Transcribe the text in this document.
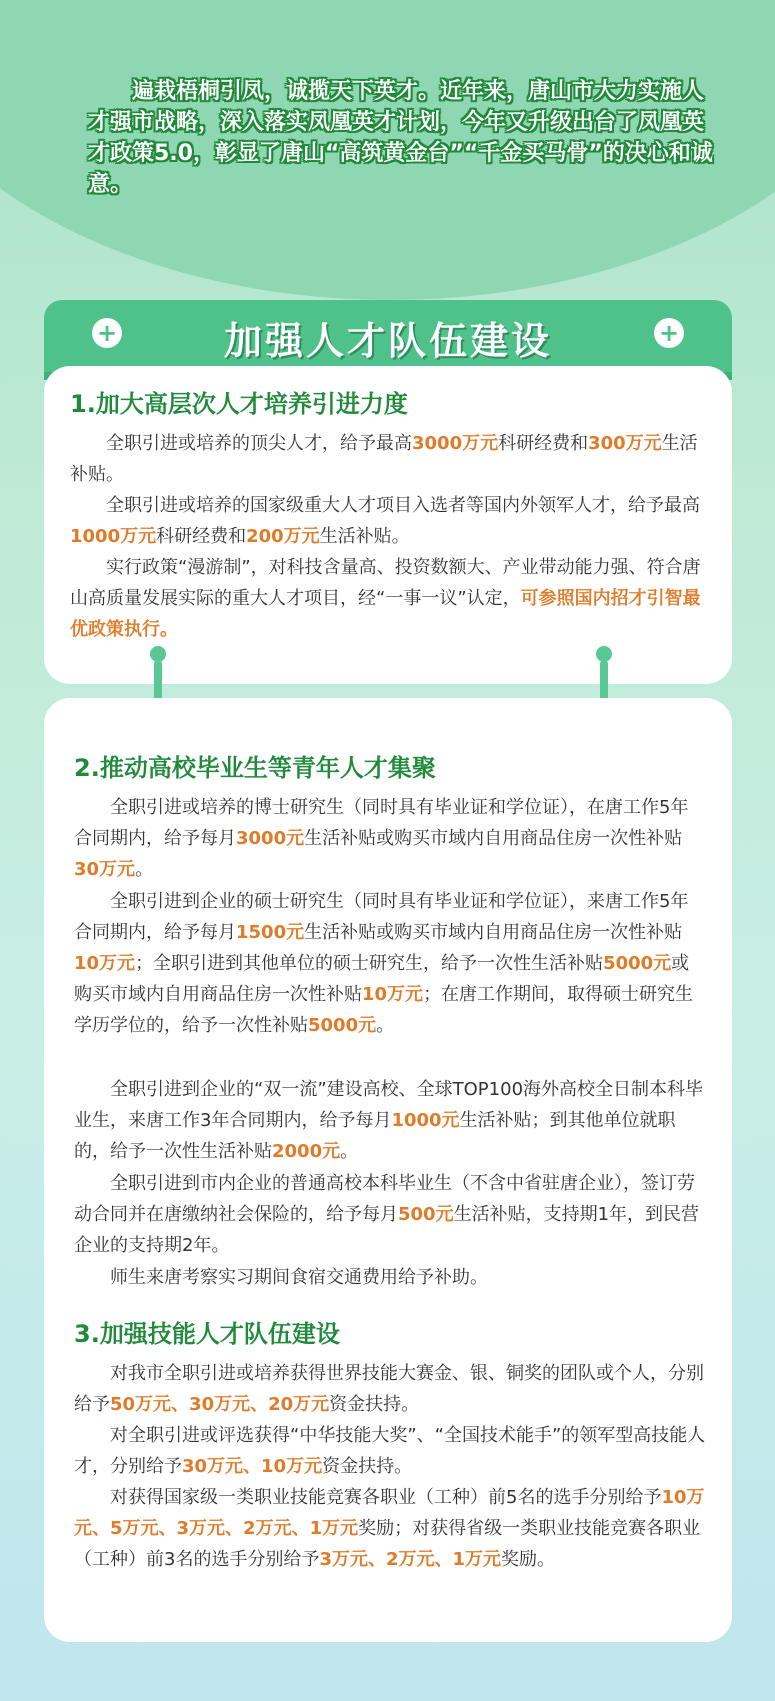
遍栽梧桐引凤，诚揽天下英才。近年来，唐山市大力实施人才强市战略，深入落实凤凰英才计划，今年又升级出台了凤凰英才政策5.0，彰显了唐山“高筑黄金台”“千金买马骨”的决心和诚意。
+	加强人才队伍建设	+
1.加大高层次人才培养引进力度
全职引进或培养的顶尖人才，给予最高3000万元科研经费和300万元生活补贴。
全职引进或培养的国家级重大人才项目入选者等国内外领军人才，给予最高1000万元科研经费和200万元生活补贴。
实行政策“漫游制”，对科技含量高、投资数额大、产业带动能力强、符合唐山高质量发展实际的重大人才项目，经“一事一议”认定，可参照国内招才引智最优政策执行。
2.推动高校毕业生等青年人才集聚
全职引进或培养的博士研究生（同时具有毕业证和学位证），在唐工作5年合同期内，给予每月3000元生活补贴或购买市域内自用商品住房一次性补贴30万元。
全职引进到企业的硕士研究生（同时具有毕业证和学位证），来唐工作5年合同期内，给予每月1500元生活补贴或购买市域内自用商品住房一次性补贴10万元；全职引进到其他单位的硕士研究生，给予一次性生活补贴5000元或购买市域内自用商品住房一次性补贴10万元；在唐工作期间，取得硕士研究生学历学位的，给予一次性补贴5000元。
全职引进到企业的“双一流”建设高校、全球TOP100海外高校全日制本科毕业生，来唐工作3年合同期内，给予每月1000元生活补贴；到其他单位就职的，给予一次性生活补贴2000元。
全职引进到市内企业的普通高校本科毕业生（不含中省驻唐企业），签订劳动合同并在唐缴纳社会保险的，给予每月500元生活补贴，支持期1年，到民营企业的支持期2年。
师生来唐考察实习期间食宿交通费用给予补助。
3.加强技能人才队伍建设
对我市全职引进或培养获得世界技能大赛金、银、铜奖的团队或个人，分别给予50万元、30万元、20万元资金扶持。
对全职引进或评选获得“中华技能大奖”、“全国技术能手”的领军型高技能人才，分别给予30万元、10万元资金扶持。
对获得国家级一类职业技能竞赛各职业（工种）前5名的选手分别给予10万元、5万元、3万元、2万元、1万元奖励；对获得省级一类职业技能竞赛各职业（工种）前3名的选手分别给予3万元、2万元、1万元奖励。
